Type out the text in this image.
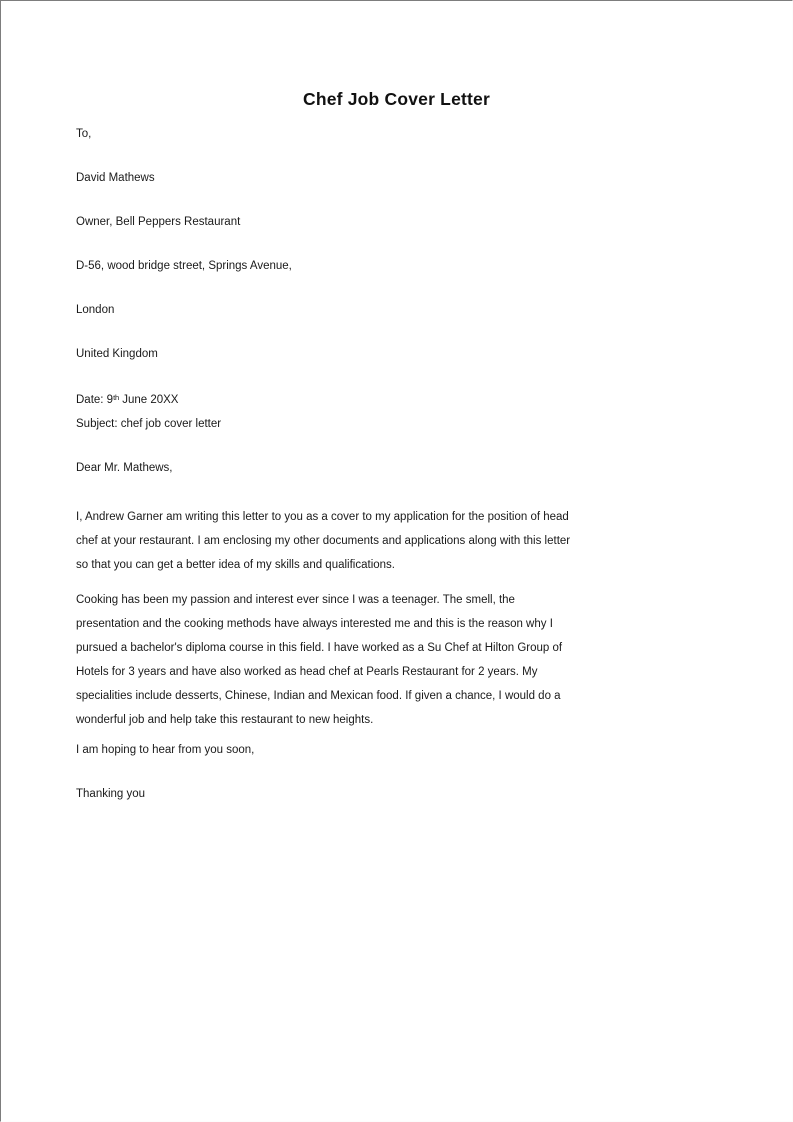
Chef Job Cover Letter

To,

David Mathews

Owner, Bell Peppers Restaurant

D-56, wood bridge street, Springs Avenue,

London

United Kingdom

Date: 9th June 20XX

Subject: chef job cover letter

Dear Mr. Mathews,

I, Andrew Garner am writing this letter to you as a cover to my application for the position of head chef at your restaurant. I am enclosing my other documents and applications along with this letter so that you can get a better idea of my skills and qualifications.

Cooking has been my passion and interest ever since I was a teenager. The smell, the presentation and the cooking methods have always interested me and this is the reason why I pursued a bachelor's diploma course in this field. I have worked as a Su Chef at Hilton Group of Hotels for 3 years and have also worked as head chef at Pearls Restaurant for 2 years. My specialities include desserts, Chinese, Indian and Mexican food. If given a chance, I would do a wonderful job and help take this restaurant to new heights.

I am hoping to hear from you soon,

Thanking you
